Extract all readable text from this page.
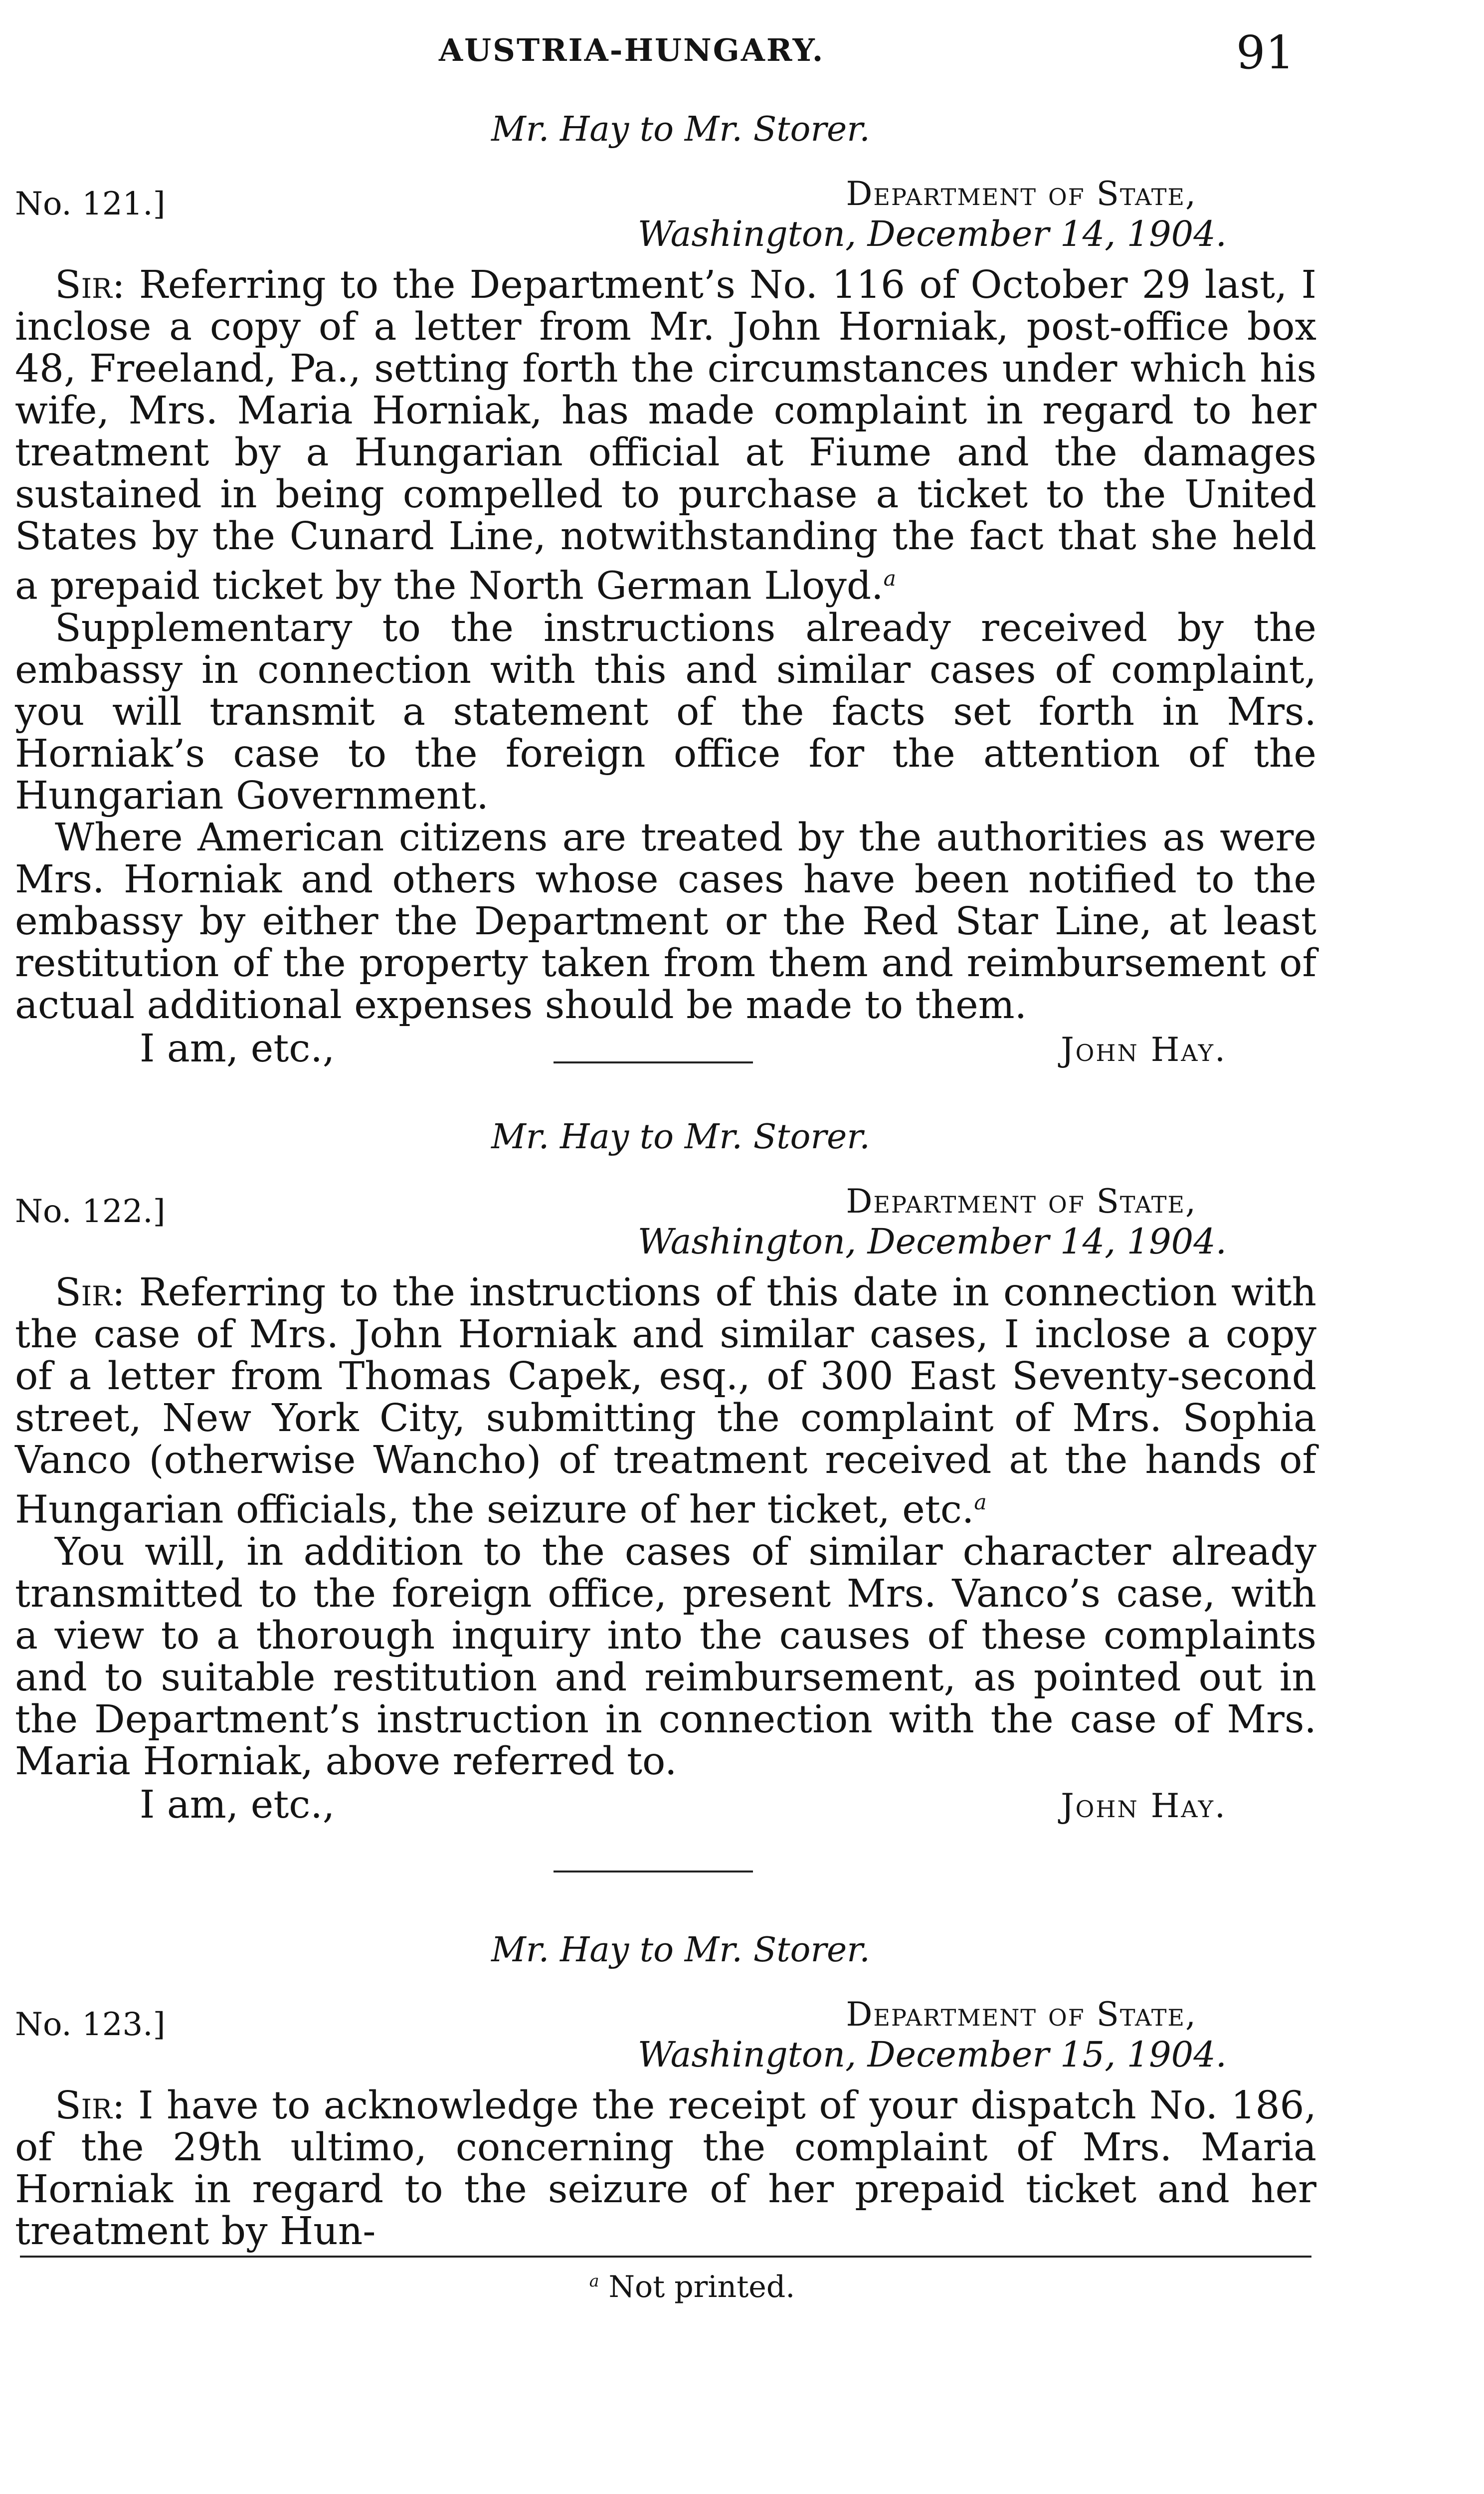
AUSTRIA-HUNGARY.	91
Mr. Hay to Mr. Storer.
No. 121.]	Department of State,
Washington, December 14, 1904.

Sir: Referring to the Department’s No. 116 of October 29 last, I inclose a copy of a letter from Mr. John Horniak, post-office box 48, Freeland, Pa., setting forth the circumstances under which his wife, Mrs. Maria Horniak, has made complaint in regard to her treatment by a Hungarian official at Fiume and the damages sustained in being compelled to purchase a ticket to the United States by the Cunard Line, notwithstanding the fact that she held a prepaid ticket by the North German Lloyd.$^a$

Supplementary to the instructions already received by the embassy in connection with this and similar cases of complaint, you will transmit a statement of the facts set forth in Mrs. Horniak’s case to the foreign office for the attention of the Hungarian Government.

Where American citizens are treated by the authorities as were Mrs. Horniak and others whose cases have been notified to the embassy by either the Department or the Red Star Line, at least restitution of the property taken from them and reimbursement of actual additional expenses should be made to them.

I am, etc.,	John Hay.
Mr. Hay to Mr. Storer.
No. 122.]	Department of State,
Washington, December 14, 1904.

Sir: Referring to the instructions of this date in connection with the case of Mrs. John Horniak and similar cases, I inclose a copy of a letter from Thomas Capek, esq., of 300 East Seventy-second street, New York City, submitting the complaint of Mrs. Sophia Vanco (otherwise Wancho) of treatment received at the hands of Hungarian officials, the seizure of her ticket, etc.$^a$

You will, in addition to the cases of similar character already transmitted to the foreign office, present Mrs. Vanco’s case, with a view to a thorough inquiry into the causes of these complaints and to suitable restitution and reimbursement, as pointed out in the Department’s instruction in connection with the case of Mrs. Maria Horniak, above referred to.

I am, etc.,	John Hay.
Mr. Hay to Mr. Storer.
No. 123.]	Department of State,
Washington, December 15, 1904.

Sir: I have to acknowledge the receipt of your dispatch No. 186, of the 29th ultimo, concerning the complaint of Mrs. Maria Horniak in regard to the seizure of her prepaid ticket and her treatment by Hun-

$^a$ Not printed.
